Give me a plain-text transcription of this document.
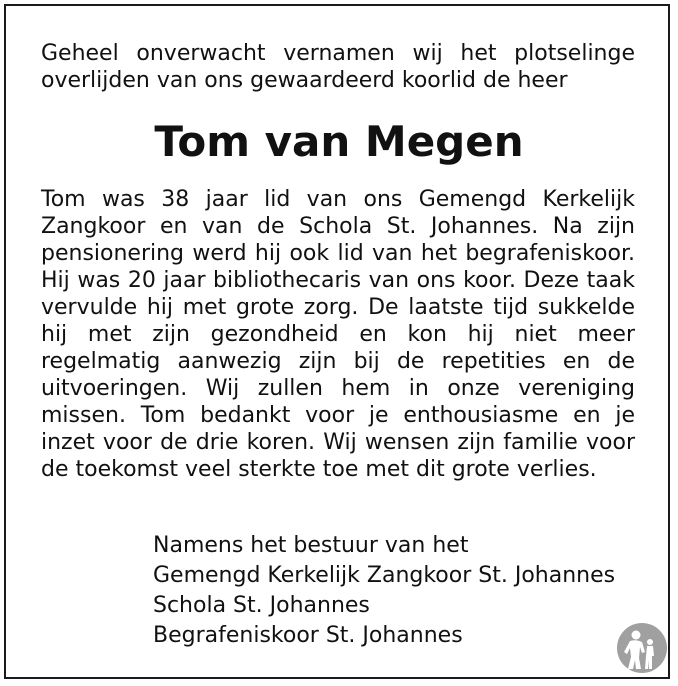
Geheel onverwacht vernamen wij het plotselinge overlijden van ons gewaardeerd koorlid de heer

Tom van Megen

Tom was 38 jaar lid van ons Gemengd Kerkelijk Zangkoor en van de Schola St. Johannes. Na zijn pensionering werd hij ook lid van het begrafeniskoor. Hij was 20 jaar bibliothecaris van ons koor. Deze taak vervulde hij met grote zorg. De laatste tijd sukkelde hij met zijn gezondheid en kon hij niet meer regelmatig aanwezig zijn bij de repetities en de uitvoeringen. Wij zullen hem in onze vereniging missen. Tom bedankt voor je enthousiasme en je inzet voor de drie koren. Wij wensen zijn familie voor de toekomst veel sterkte toe met dit grote verlies.

Namens het bestuur van het
Gemengd Kerkelijk Zangkoor St. Johannes
Schola St. Johannes
Begrafeniskoor St. Johannes
